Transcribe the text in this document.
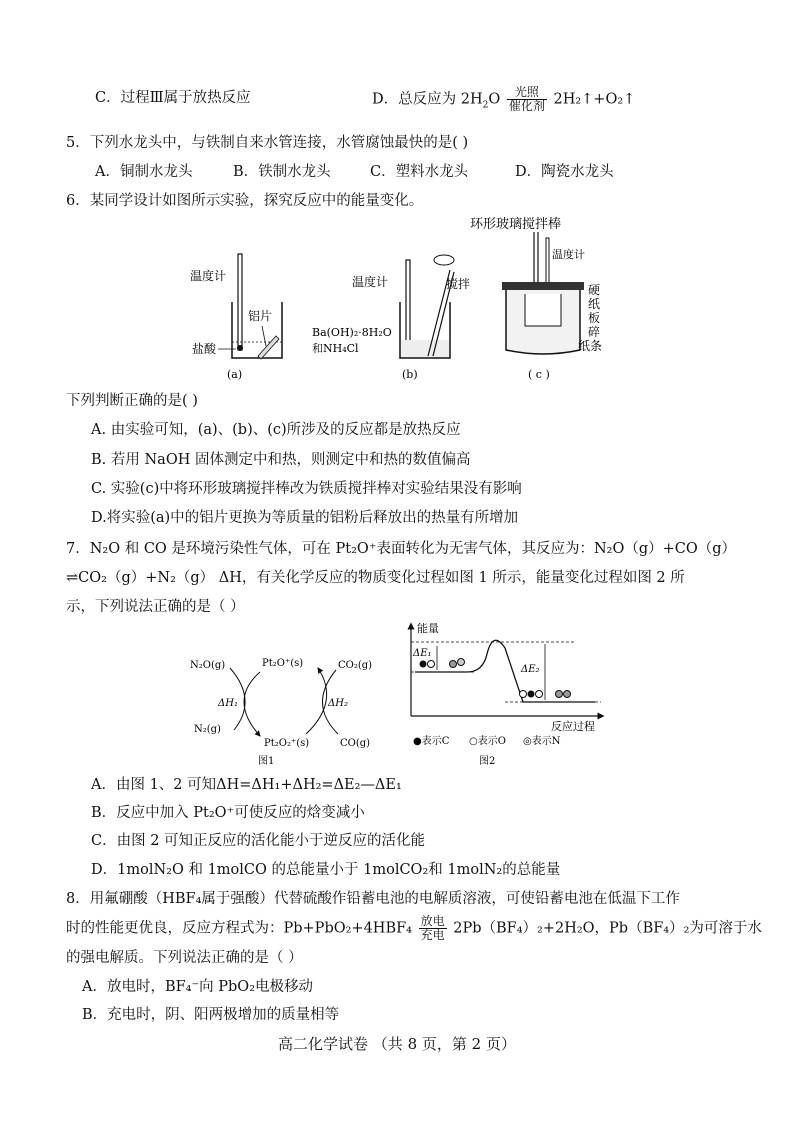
C．过程Ⅲ属于放热反应	D．总反应为 $2H_2O \frac{\text{光照}}{\text{催化剂}}$ 2H₂↑+O₂↑
5．下列水龙头中，与铁制自来水管连接，水管腐蚀最快的是( )
A．铜制水龙头	B．铁制水龙头	C．塑料水龙头	D．陶瓷水龙头
6．某同学设计如图所示实验，探究反应中的能量变化。
温度计
铝片
盐酸
(a)
温度计	搅拌
Ba(OH)₂·8H₂O
和NH₄Cl
(b)
环形玻璃搅拌棒
温度计
硬
纸
板
碎
纸条
( c )
下列判断正确的是( )
A. 由实验可知，(a)、(b)、(c)所涉及的反应都是放热反应
B. 若用 NaOH 固体测定中和热，则测定中和热的数值偏高
C. 实验(c)中将环形玻璃搅拌棒改为铁质搅拌棒对实验结果没有影响
D.将实验(a)中的铝片更换为等质量的铝粉后释放出的热量有所增加
7．N₂O 和 CO 是环境污染性气体，可在 Pt₂O⁺表面转化为无害气体，其反应为：N₂O（g）+CO（g）
⇌CO₂（g）+N₂（g） ΔH，有关化学反应的物质变化过程如图 1 所示，能量变化过程如图 2 所
示，下列说法正确的是（ ）
N₂O(g)	Pt₂O⁺(s)	CO₂(g)
ΔH₁	ΔH₂
N₂(g)
Pt₂O₂⁺(s)	CO(g)
图1
能量
ΔE₁
ΔE₂
反应过程
●表示C ○表示O ◎表示N
图2
A．由图 1、2 可知ΔH=ΔH₁+ΔH₂=ΔE₂—ΔE₁
B．反应中加入 Pt₂O⁺可使反应的焓变减小
C．由图 2 可知正反应的活化能小于逆反应的活化能
D．1molN₂O 和 1molCO 的总能量小于 1molCO₂和 1molN₂的总能量
8．用氟硼酸（HBF₄属于强酸）代替硫酸作铅蓄电池的电解质溶液，可使铅蓄电池在低温下工作
时的性能更优良，反应方程式为：$Pb+PbO_2+4HBF_4 \frac{\text{放电}}{\text{充电}} 2Pb(BF_4)_2+2H_2O$，Pb（BF₄）₂为可溶于水
的强电解质。下列说法正确的是（ ）
A．放电时，BF₄⁻向 PbO₂电极移动
B．充电时，阴、阳两极增加的质量相等
高二化学试卷 （共 8 页，第 2 页）
